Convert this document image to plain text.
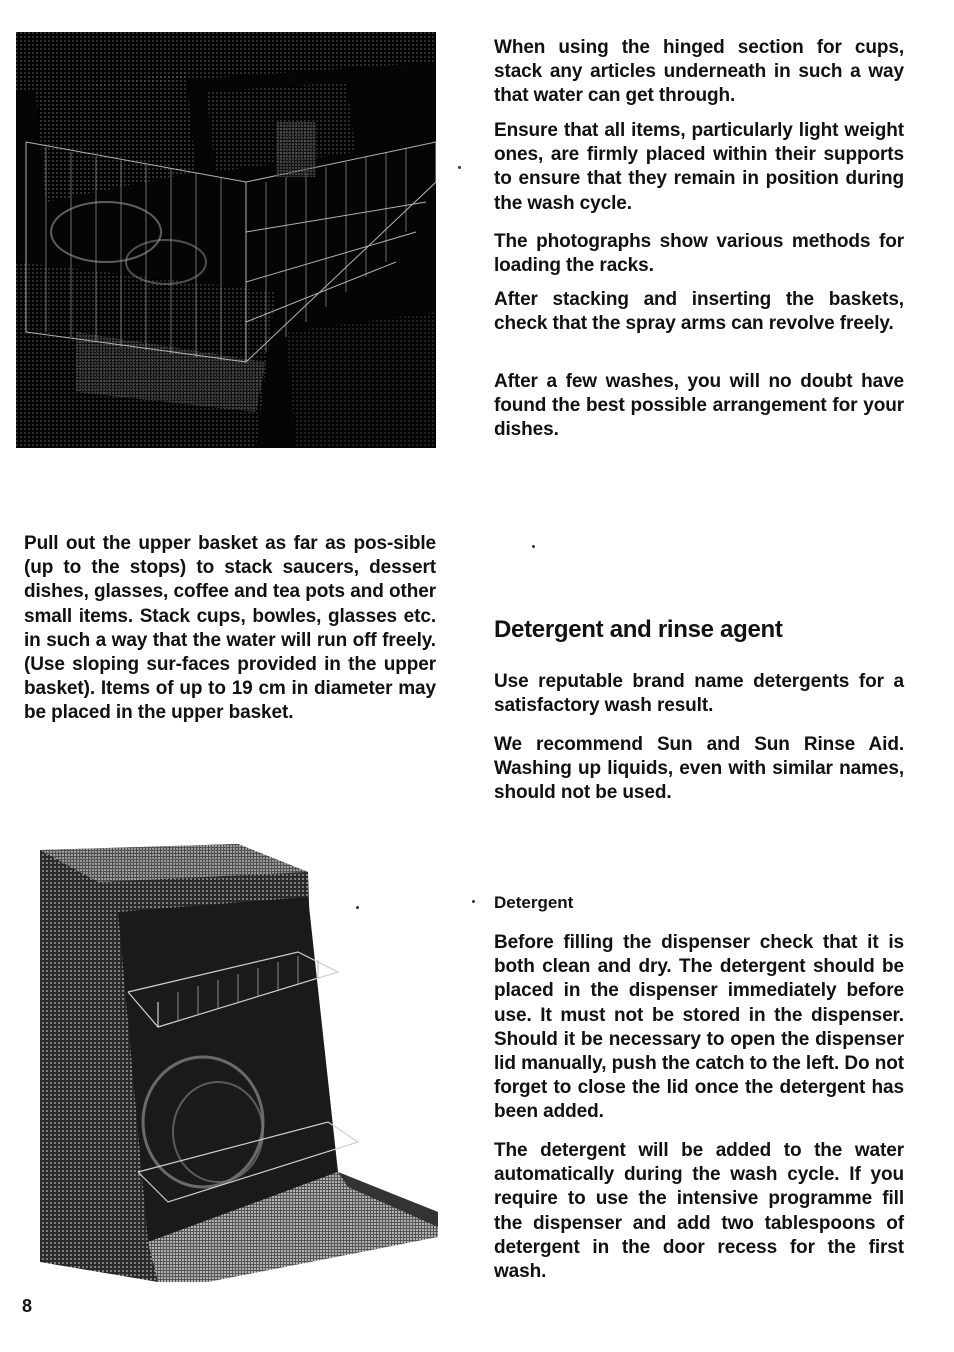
When using the hinged section for cups, stack any articles underneath in such a way that water can get through.

Ensure that all items, particularly light weight ones, are firmly placed within their supports to ensure that they remain in position during the wash cycle.

The photographs show various methods for loading the racks.

After stacking and inserting the baskets, check that the spray arms can revolve freely.

After a few washes, you will no doubt have found the best possible arrangement for your dishes.

Pull out the upper basket as far as pos-sible (up to the stops) to stack saucers, dessert dishes, glasses, coffee and tea pots and other small items. Stack cups, bowles, glasses etc. in such a way that the water will run off freely. (Use sloping sur-faces provided in the upper basket). Items of up to 19 cm in diameter may be placed in the upper basket.

Detergent and rinse agent

Use reputable brand name detergents for a satisfactory wash result.

We recommend Sun and Sun Rinse Aid. Washing up liquids, even with similar names, should not be used.

Detergent

Before filling the dispenser check that it is both clean and dry. The detergent should be placed in the dispenser immediately before use. It must not be stored in the dispenser. Should it be necessary to open the dispenser lid manually, push the catch to the left. Do not forget to close the lid once the detergent has been added.

The detergent will be added to the water automatically during the wash cycle. If you require to use the intensive programme fill the dispenser and add two tablespoons of detergent in the door recess for the first wash.

8
